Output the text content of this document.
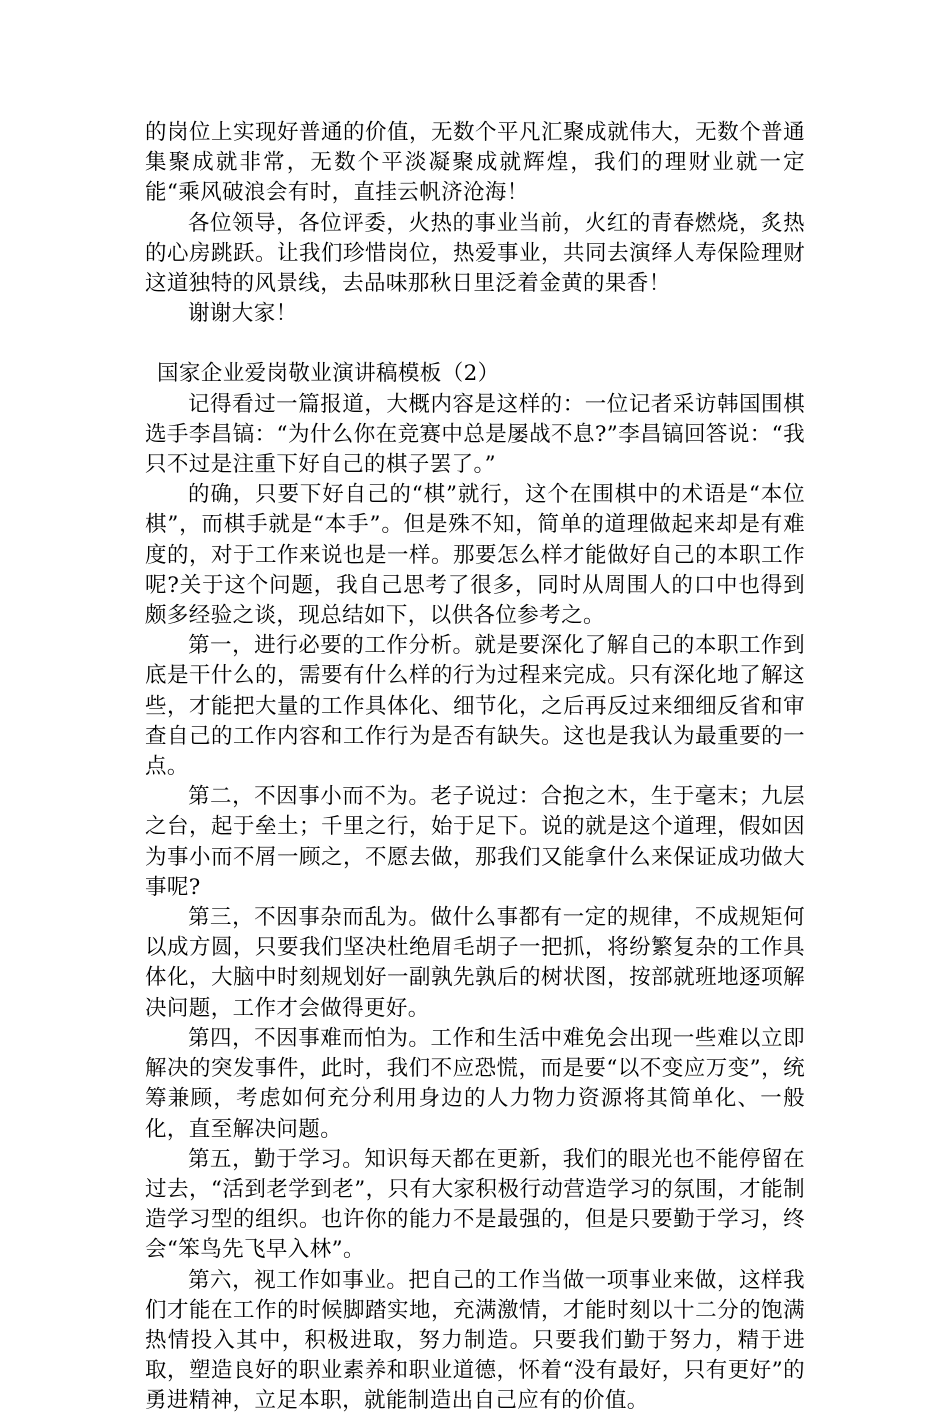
的岗位上实现好普通的价值，无数个平凡汇聚成就伟大，无数个普通集聚成就非常，无数个平淡凝聚成就辉煌，我们的理财业就一定能“乘风破浪会有时，直挂云帆济沧海！

各位领导，各位评委，火热的事业当前，火红的青春燃烧，炙热的心房跳跃。让我们珍惜岗位，热爱事业，共同去演绎人寿保险理财这道独特的风景线，去品味那秋日里泛着金黄的果香！

谢谢大家！

国家企业爱岗敬业演讲稿模板（2）

记得看过一篇报道，大概内容是这样的：一位记者采访韩国围棋选手李昌镐：“为什么你在竞赛中总是屡战不息?”李昌镐回答说：“我只不过是注重下好自己的棋子罢了。”

的确，只要下好自己的“棋”就行，这个在围棋中的术语是“本位棋”，而棋手就是“本手”。但是殊不知，简单的道理做起来却是有难度的，对于工作来说也是一样。那要怎么样才能做好自己的本职工作呢?关于这个问题，我自己思考了很多，同时从周围人的口中也得到颇多经验之谈，现总结如下，以供各位参考之。

第一，进行必要的工作分析。就是要深化了解自己的本职工作到底是干什么的，需要有什么样的行为过程来完成。只有深化地了解这些，才能把大量的工作具体化、细节化，之后再反过来细细反省和审查自己的工作内容和工作行为是否有缺失。这也是我认为最重要的一点。

第二，不因事小而不为。老子说过：合抱之木，生于毫末；九层之台，起于垒土；千里之行，始于足下。说的就是这个道理，假如因为事小而不屑一顾之，不愿去做，那我们又能拿什么来保证成功做大事呢?

第三，不因事杂而乱为。做什么事都有一定的规律，不成规矩何以成方圆，只要我们坚决杜绝眉毛胡子一把抓，将纷繁复杂的工作具体化，大脑中时刻规划好一副孰先孰后的树状图，按部就班地逐项解决问题，工作才会做得更好。

第四，不因事难而怕为。工作和生活中难免会出现一些难以立即解决的突发事件，此时，我们不应恐慌，而是要“以不变应万变”，统筹兼顾，考虑如何充分利用身边的人力物力资源将其简单化、一般化，直至解决问题。

第五，勤于学习。知识每天都在更新，我们的眼光也不能停留在过去，“活到老学到老”，只有大家积极行动营造学习的氛围，才能制造学习型的组织。也许你的能力不是最强的，但是只要勤于学习，终会“笨鸟先飞早入林”。

第六，视工作如事业。把自己的工作当做一项事业来做，这样我们才能在工作的时候脚踏实地，充满激情，才能时刻以十二分的饱满热情投入其中，积极进取，努力制造。只要我们勤于努力，精于进取，塑造良好的职业素养和职业道德，怀着“没有最好，只有更好”的勇进精神，立足本职，就能制造出自己应有的价值。
